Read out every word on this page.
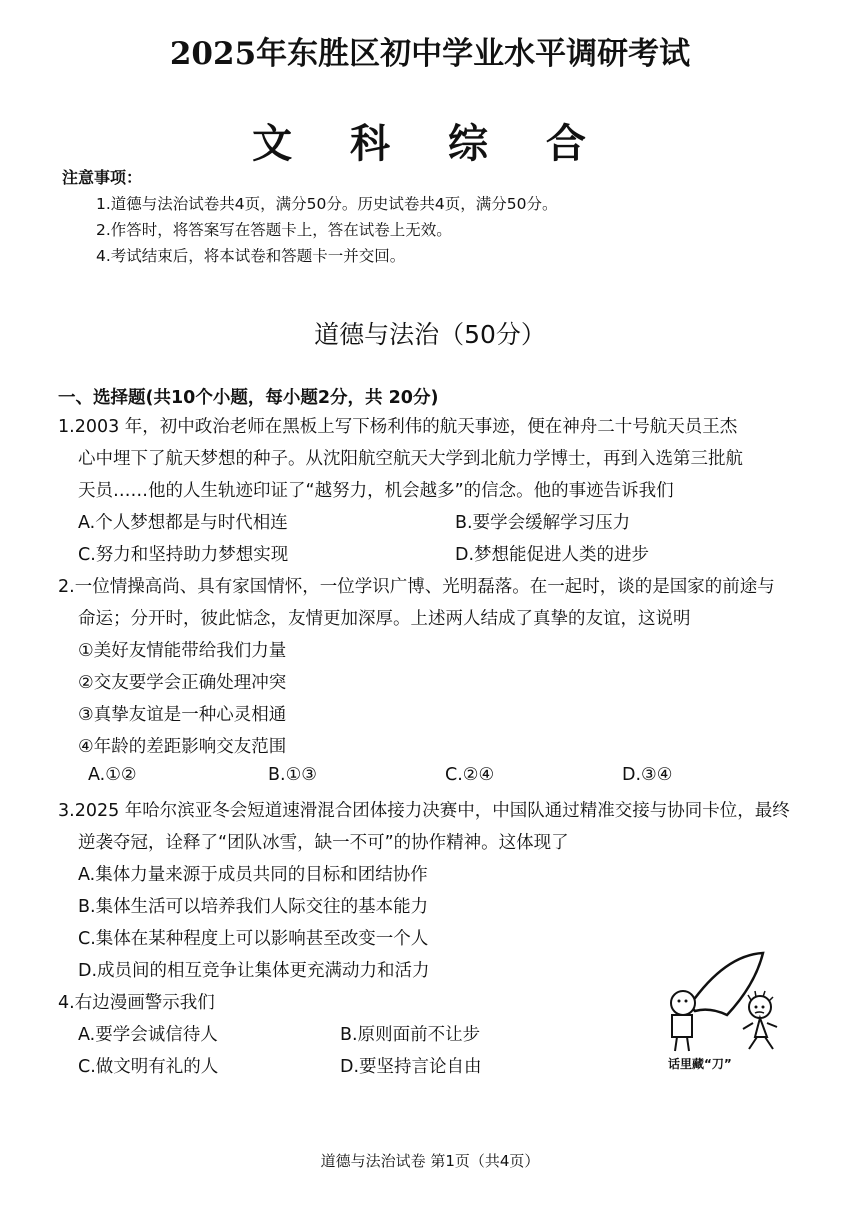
2025年东胜区初中学业水平调研考试
文 科 综 合
注意事项：
1.道德与法治试卷共4页，满分50分。历史试卷共4页，满分50分。
2.作答时，将答案写在答题卡上，答在试卷上无效。
4.考试结束后，将本试卷和答题卡一并交回。
道德与法治（50分）
一、选择题(共10个小题，每小题2分，共 20分)
1.2003 年，初中政治老师在黑板上写下杨利伟的航天事迹，便在神舟二十号航天员王杰
心中埋下了航天梦想的种子。从沈阳航空航天大学到北航力学博士，再到入选第三批航
天员……他的人生轨迹印证了“越努力，机会越多”的信念。他的事迹告诉我们
A.个人梦想都是与时代相连	B.要学会缓解学习压力
C.努力和坚持助力梦想实现	D.梦想能促进人类的进步
2.一位情操高尚、具有家国情怀，一位学识广博、光明磊落。在一起时，谈的是国家的前途与
命运；分开时，彼此惦念，友情更加深厚。上述两人结成了真挚的友谊，这说明
①美好友情能带给我们力量
②交友要学会正确处理冲突
③真挚友谊是一种心灵相通
④年龄的差距影响交友范围
A.①②	B.①③	C.②④	D.③④
3.2025 年哈尔滨亚冬会短道速滑混合团体接力决赛中，中国队通过精准交接与协同卡位，最终
逆袭夺冠，诠释了“团队冰雪，缺一不可”的协作精神。这体现了
A.集体力量来源于成员共同的目标和团结协作
B.集体生活可以培养我们人际交往的基本能力
C.集体在某种程度上可以影响甚至改变一个人
D.成员间的相互竞争让集体更充满动力和活力
4.右边漫画警示我们
A.要学会诚信待人	B.原则面前不让步
C.做文明有礼的人	D.要坚持言论自由	话里藏“刀”
道德与法治试卷 第1页（共4页）
